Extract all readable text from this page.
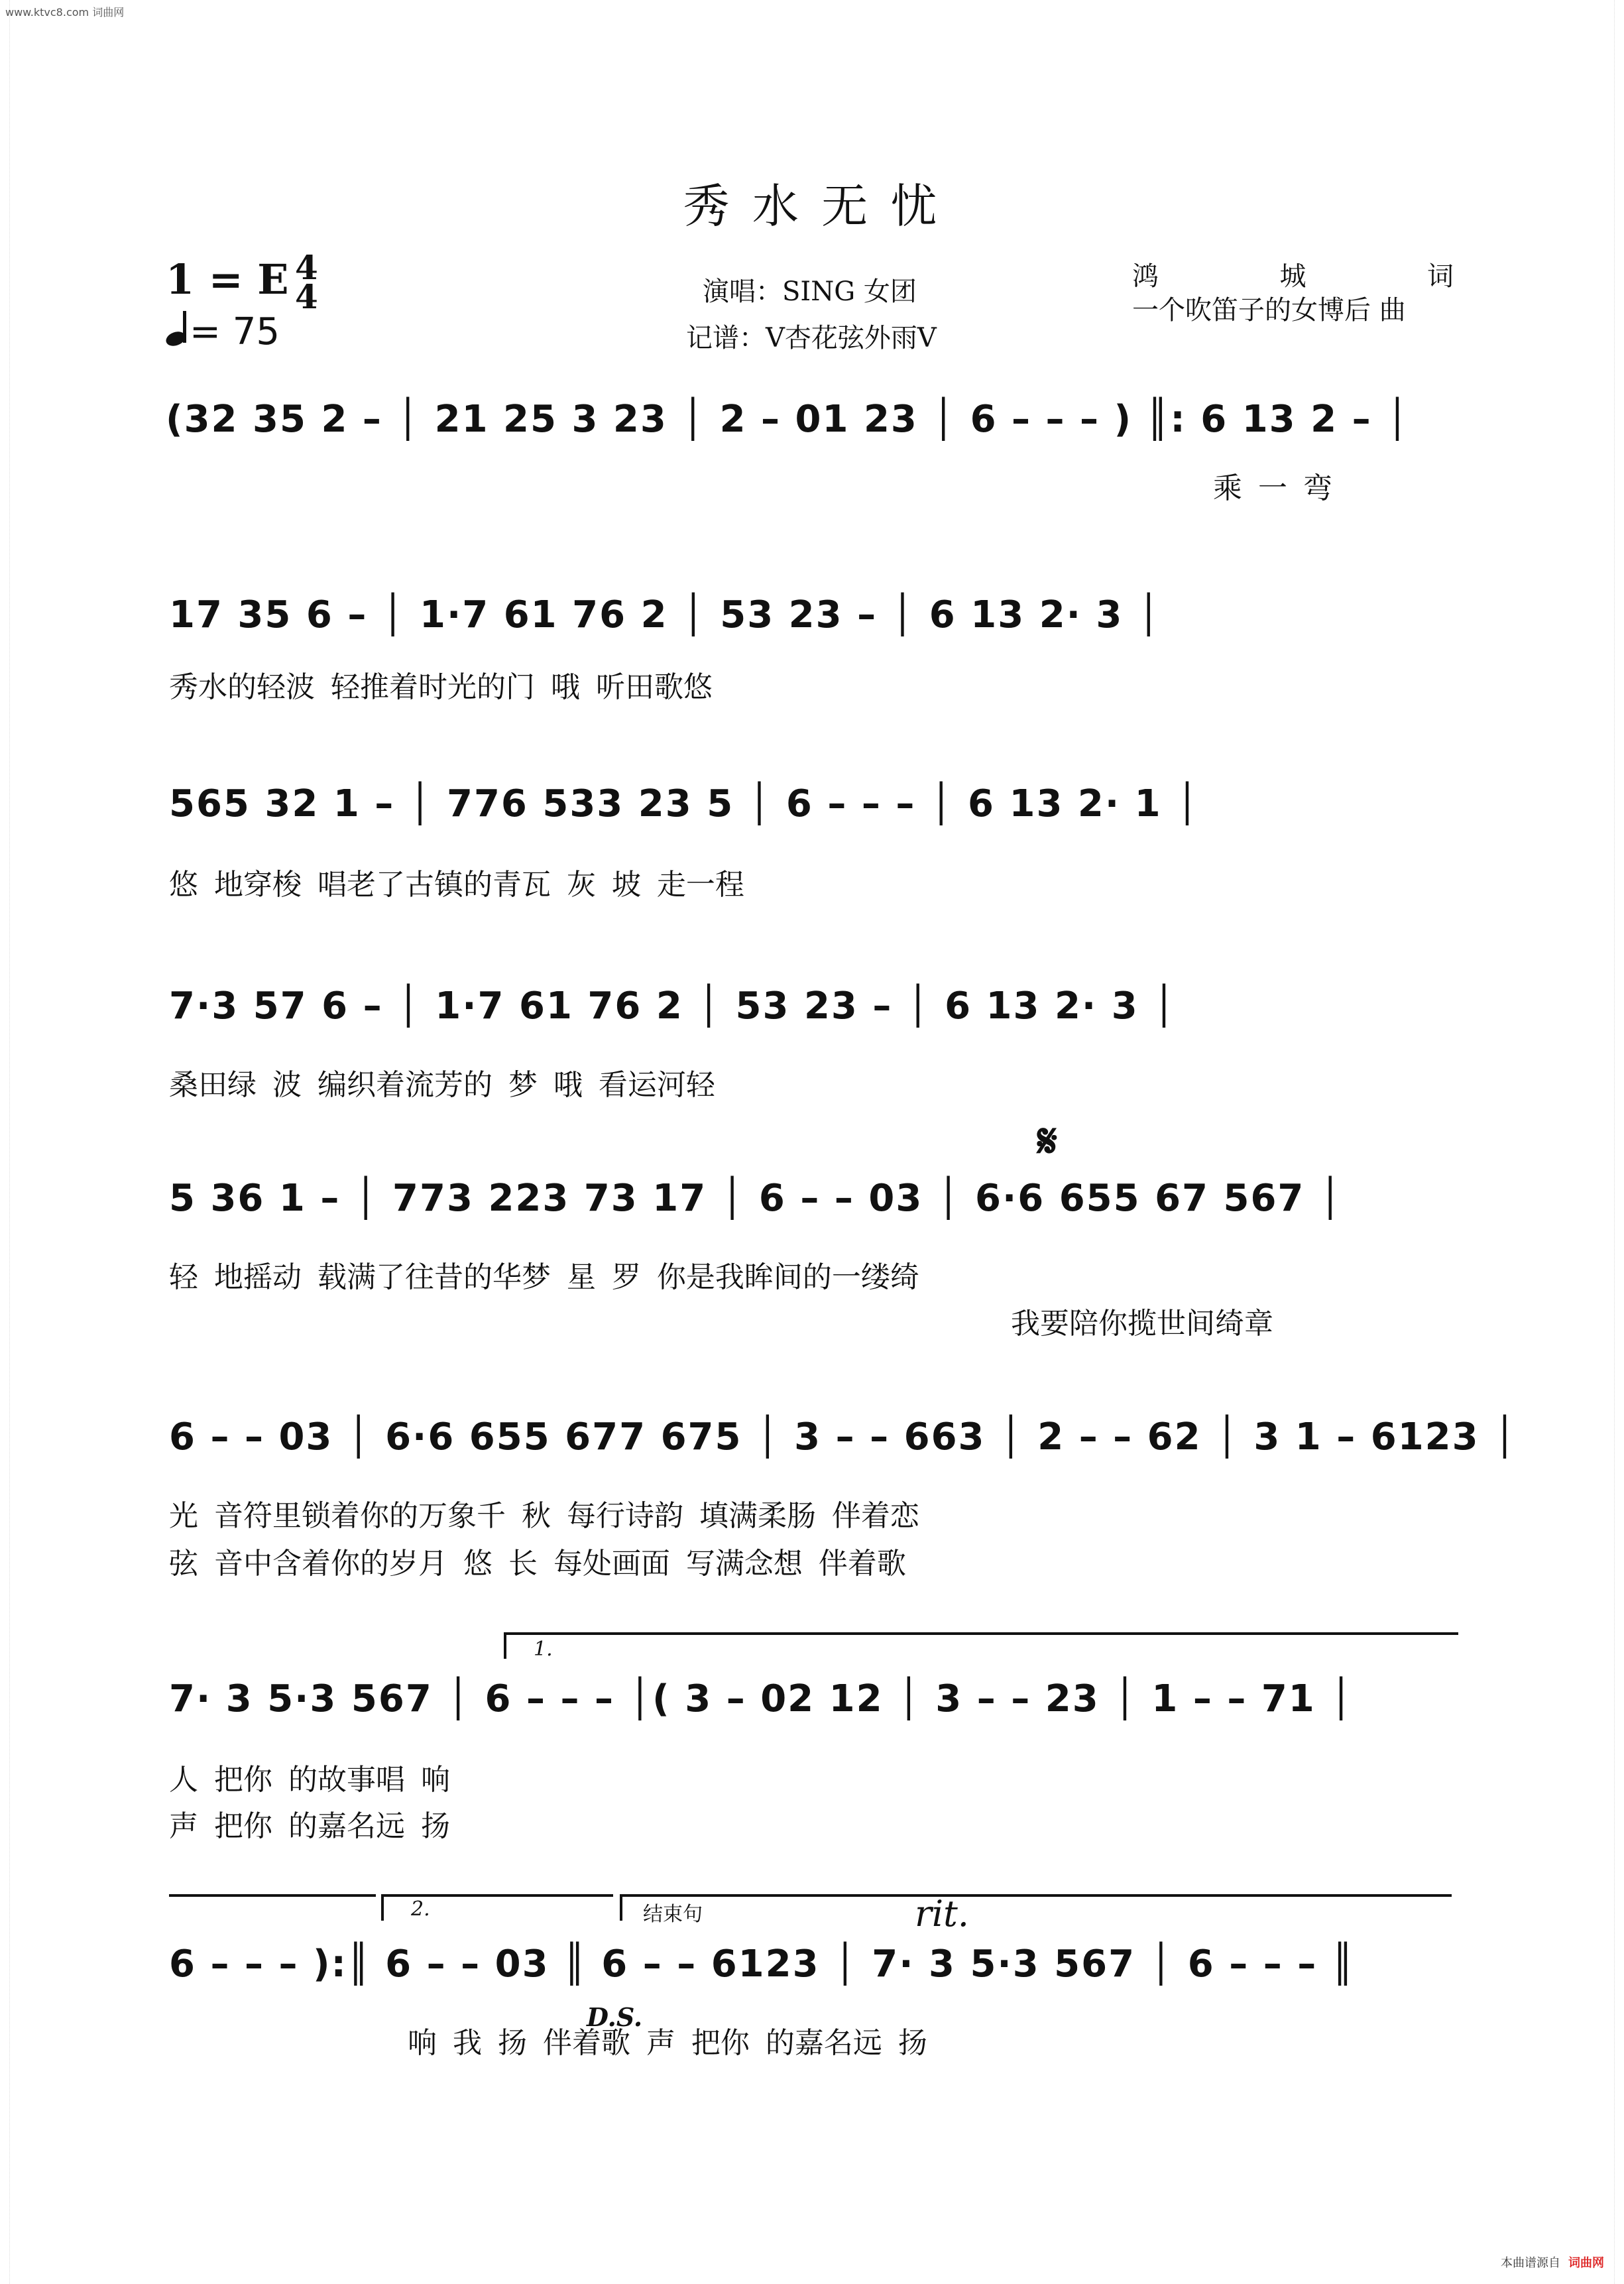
www.ktvc8.com 词曲网
本曲谱源自 词曲网
秀 水 无 忧
1 = E 4
4
= 75
演唱：SING 女团
记谱：V杏花弦外雨V
鸿 城 词
一个吹笛子的女博后 曲
(32 35 2 – │ 21 25 3 23 │ 2 – 01 23 │ 6 – – – ) ║: 6 13 2 – │
乘 一 弯
17 35 6 – │ 1·7 61 76 2 │ 53 23 – │ 6 13 2· 3 │
秀水的轻波 轻推着时光的门 哦 听田歌悠
565 32 1 – │ 776 533 23 5 │ 6 – – – │ 6 13 2· 1 │
悠 地穿梭 唱老了古镇的青瓦 灰 坡 走一程
7·3 57 6 – │ 1·7 61 76 2 │ 53 23 – │ 6 13 2· 3 │
桑田绿 波 编织着流芳的 梦 哦 看运河轻
𝄋
5 36 1 – │ 773 223 73 17 │ 6 – – 03 │ 6·6 655 67 567 │
轻 地摇动 载满了往昔的华梦 星 罗 你是我眸间的一缕绮
我要陪你揽世间绮章
6 – – 03 │ 6·6 655 677 675 │ 3 – – 663 │ 2 – – 62 │ 3 1 – 6123 │
光 音符里锁着你的万象千 秋 每行诗韵 填满柔肠 伴着恋
弦 音中含着你的岁月 悠 长 每处画面 写满念想 伴着歌
1.
7· 3 5·3 567 │ 6 – – – │( 3 – 02 12 │ 3 – – 23 │ 1 – – 71 │
人 把你 的故事唱 响
声 把你 的嘉名远 扬
2.	结束句	rit.
6 – – – ):║ 6 – – 03 ║ 6 – – 6123 │ 7· 3 5·3 567 │ 6 – – – ║
D.S.
响 我 扬 伴着歌 声 把你 的嘉名远 扬
